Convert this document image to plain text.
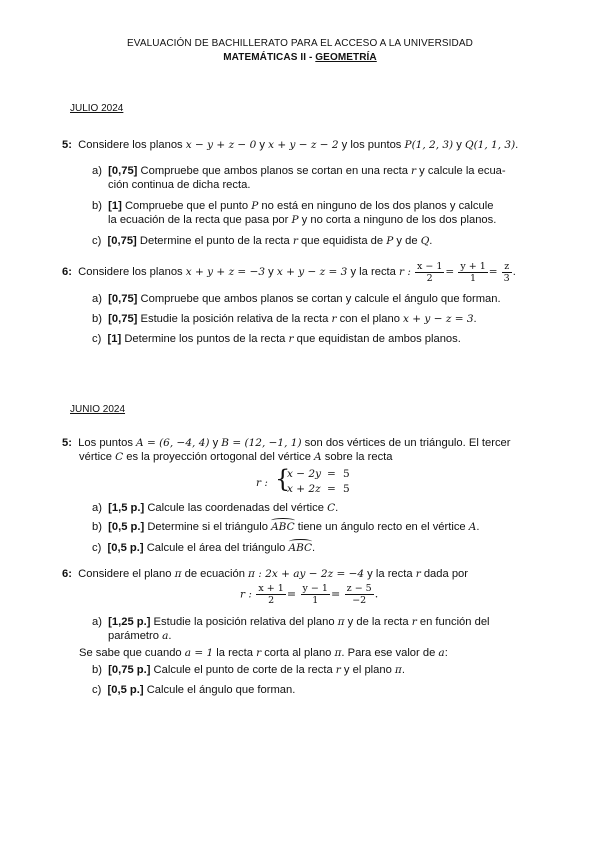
EVALUACIÓN DE BACHILLERATO PARA EL ACCESO A LA UNIVERSIDAD
MATEMÁTICAS II - GEOMETRÍA
JULIO 2024
5: Considere los planos x − y + z − 0 y x + y − z − 2 y los puntos P(1, 2, 3) y Q(1, 1, 3).
a) [0,75] Compruebe que ambos planos se cortan en una recta r y calcule la ecua-
ción continua de dicha recta.
b) [1] Compruebe que el punto P no está en ninguno de los dos planos y calcule
la ecuación de la recta que pasa por P y no corta a ninguno de los dos planos.
c) [0,75] Determine el punto de la recta r que equidista de P y de Q.
6: Considere los planos x + y + z = −3 y x + y − z = 3 y la recta r : $\frac{x - 1}{2} = \frac{y + 1}{1} = \frac{z}{3}$ .
a) [0,75] Compruebe que ambos planos se cortan y calcule el ángulo que forman.
b) [0,75] Estudie la posición relativa de la recta r con el plano x + y − z = 3.
c) [1] Determine los puntos de la recta r que equidistan de ambos planos.
JUNIO 2024
5: Los puntos A = (6, −4, 4) y B = (12, −1, 1) son dos vértices de un triángulo. El tercer
vértice C es la proyección ortogonal del vértice A sobre la recta
r : {
x − 2y = 5
x + 2z = 5
a) [1,5 p.] Calcule las coordenadas del vértice C.
b) [0,5 p.] Determine si el triángulo ABC tiene un ángulo recto en el vértice A.
c) [0,5 p.] Calcule el área del triángulo ABC.
6: Considere el plano π de ecuación π : 2x + ay − 2z = −4 y la recta r dada por
r : $\frac{x + 1}{2} = \frac{y - 1}{1} = \frac{z - 5}{-2}$ .
a) [1,25 p.] Estudie la posición relativa del plano π y de la recta r en función del
parámetro a.
Se sabe que cuando a = 1 la recta r corta al plano π. Para ese valor de a:
b) [0,75 p.] Calcule el punto de corte de la recta r y el plano π.
c) [0,5 p.] Calcule el ángulo que forman.
